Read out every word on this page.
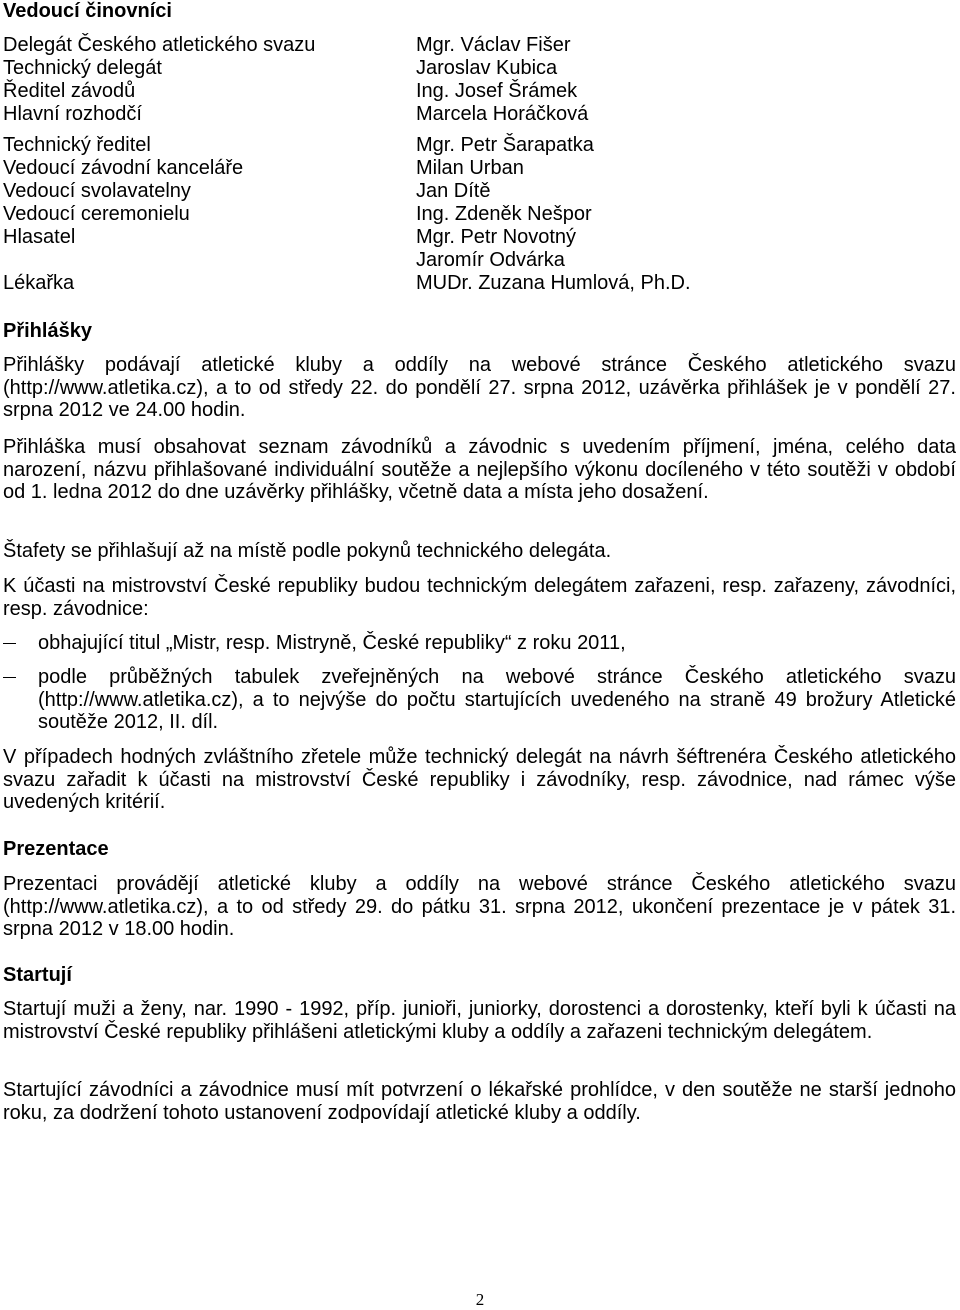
Vedoucí činovníci
Delegát Českého atletického svazu
Technický delegát
Ředitel závodů
Hlavní rozhodčí
Technický ředitel
Vedoucí závodní kanceláře
Vedoucí svolavatelny
Vedoucí ceremonielu
Hlasatel
Lékařka
Mgr. Václav Fišer
Jaroslav Kubica
Ing. Josef Šrámek
Marcela Horáčková
Mgr. Petr Šarapatka
Milan Urban
Jan Dítě
Ing. Zdeněk Nešpor
Mgr. Petr Novotný
Jaromír Odvárka
MUDr. Zuzana Humlová, Ph.D.
Přihlášky

Přihlášky podávají atletické kluby a oddíly na webové stránce Českého atletického svazu (http://www.atletika.cz), a to od středy 22. do pondělí 27. srpna 2012, uzávěrka přihlášek je v pondělí 27. srpna 2012 ve 24.00 hodin.

Přihláška musí obsahovat seznam závodníků a závodnic s uvedením příjmení, jména, celého data narození, názvu přihlašované individuální soutěže a nejlepšího výkonu docíleného v této soutěži v období od 1. ledna 2012 do dne uzávěrky přihlášky, včetně data a místa jeho dosažení.

Štafety se přihlašují až na místě podle pokynů technického delegáta.

K účasti na mistrovství České republiky budou technickým delegátem zařazeni, resp. zařazeny, závodníci, resp. závodnice:

obhajující titul „Mistr, resp. Mistryně, České republiky“ z roku 2011,
podle průběžných tabulek zveřejněných na webové stránce Českého atletického svazu (http://www.atletika.cz), a to nejvýše do počtu startujících uvedeného na straně 49 brožury Atletické soutěže 2012, II. díl.

V případech hodných zvláštního zřetele může technický delegát na návrh šéftrenéra Českého atletického svazu zařadit k účasti na mistrovství České republiky i závodníky, resp. závodnice, nad rámec výše uvedených kritérií.

Prezentace

Prezentaci provádějí atletické kluby a oddíly na webové stránce Českého atletického svazu (http://www.atletika.cz), a to od středy 29. do pátku 31. srpna 2012, ukončení prezentace je v pátek 31. srpna 2012 v 18.00 hodin.

Startují

Startují muži a ženy, nar. 1990 - 1992, příp. junioři, juniorky, dorostenci a dorostenky, kteří byli k účasti na mistrovství České republiky přihlášeni atletickými kluby a oddíly a zařazeni technickým delegátem.

Startující závodníci a závodnice musí mít potvrzení o lékařské prohlídce, v den soutěže ne starší jednoho roku, za dodržení tohoto ustanovení zodpovídají atletické kluby a oddíly.

2
